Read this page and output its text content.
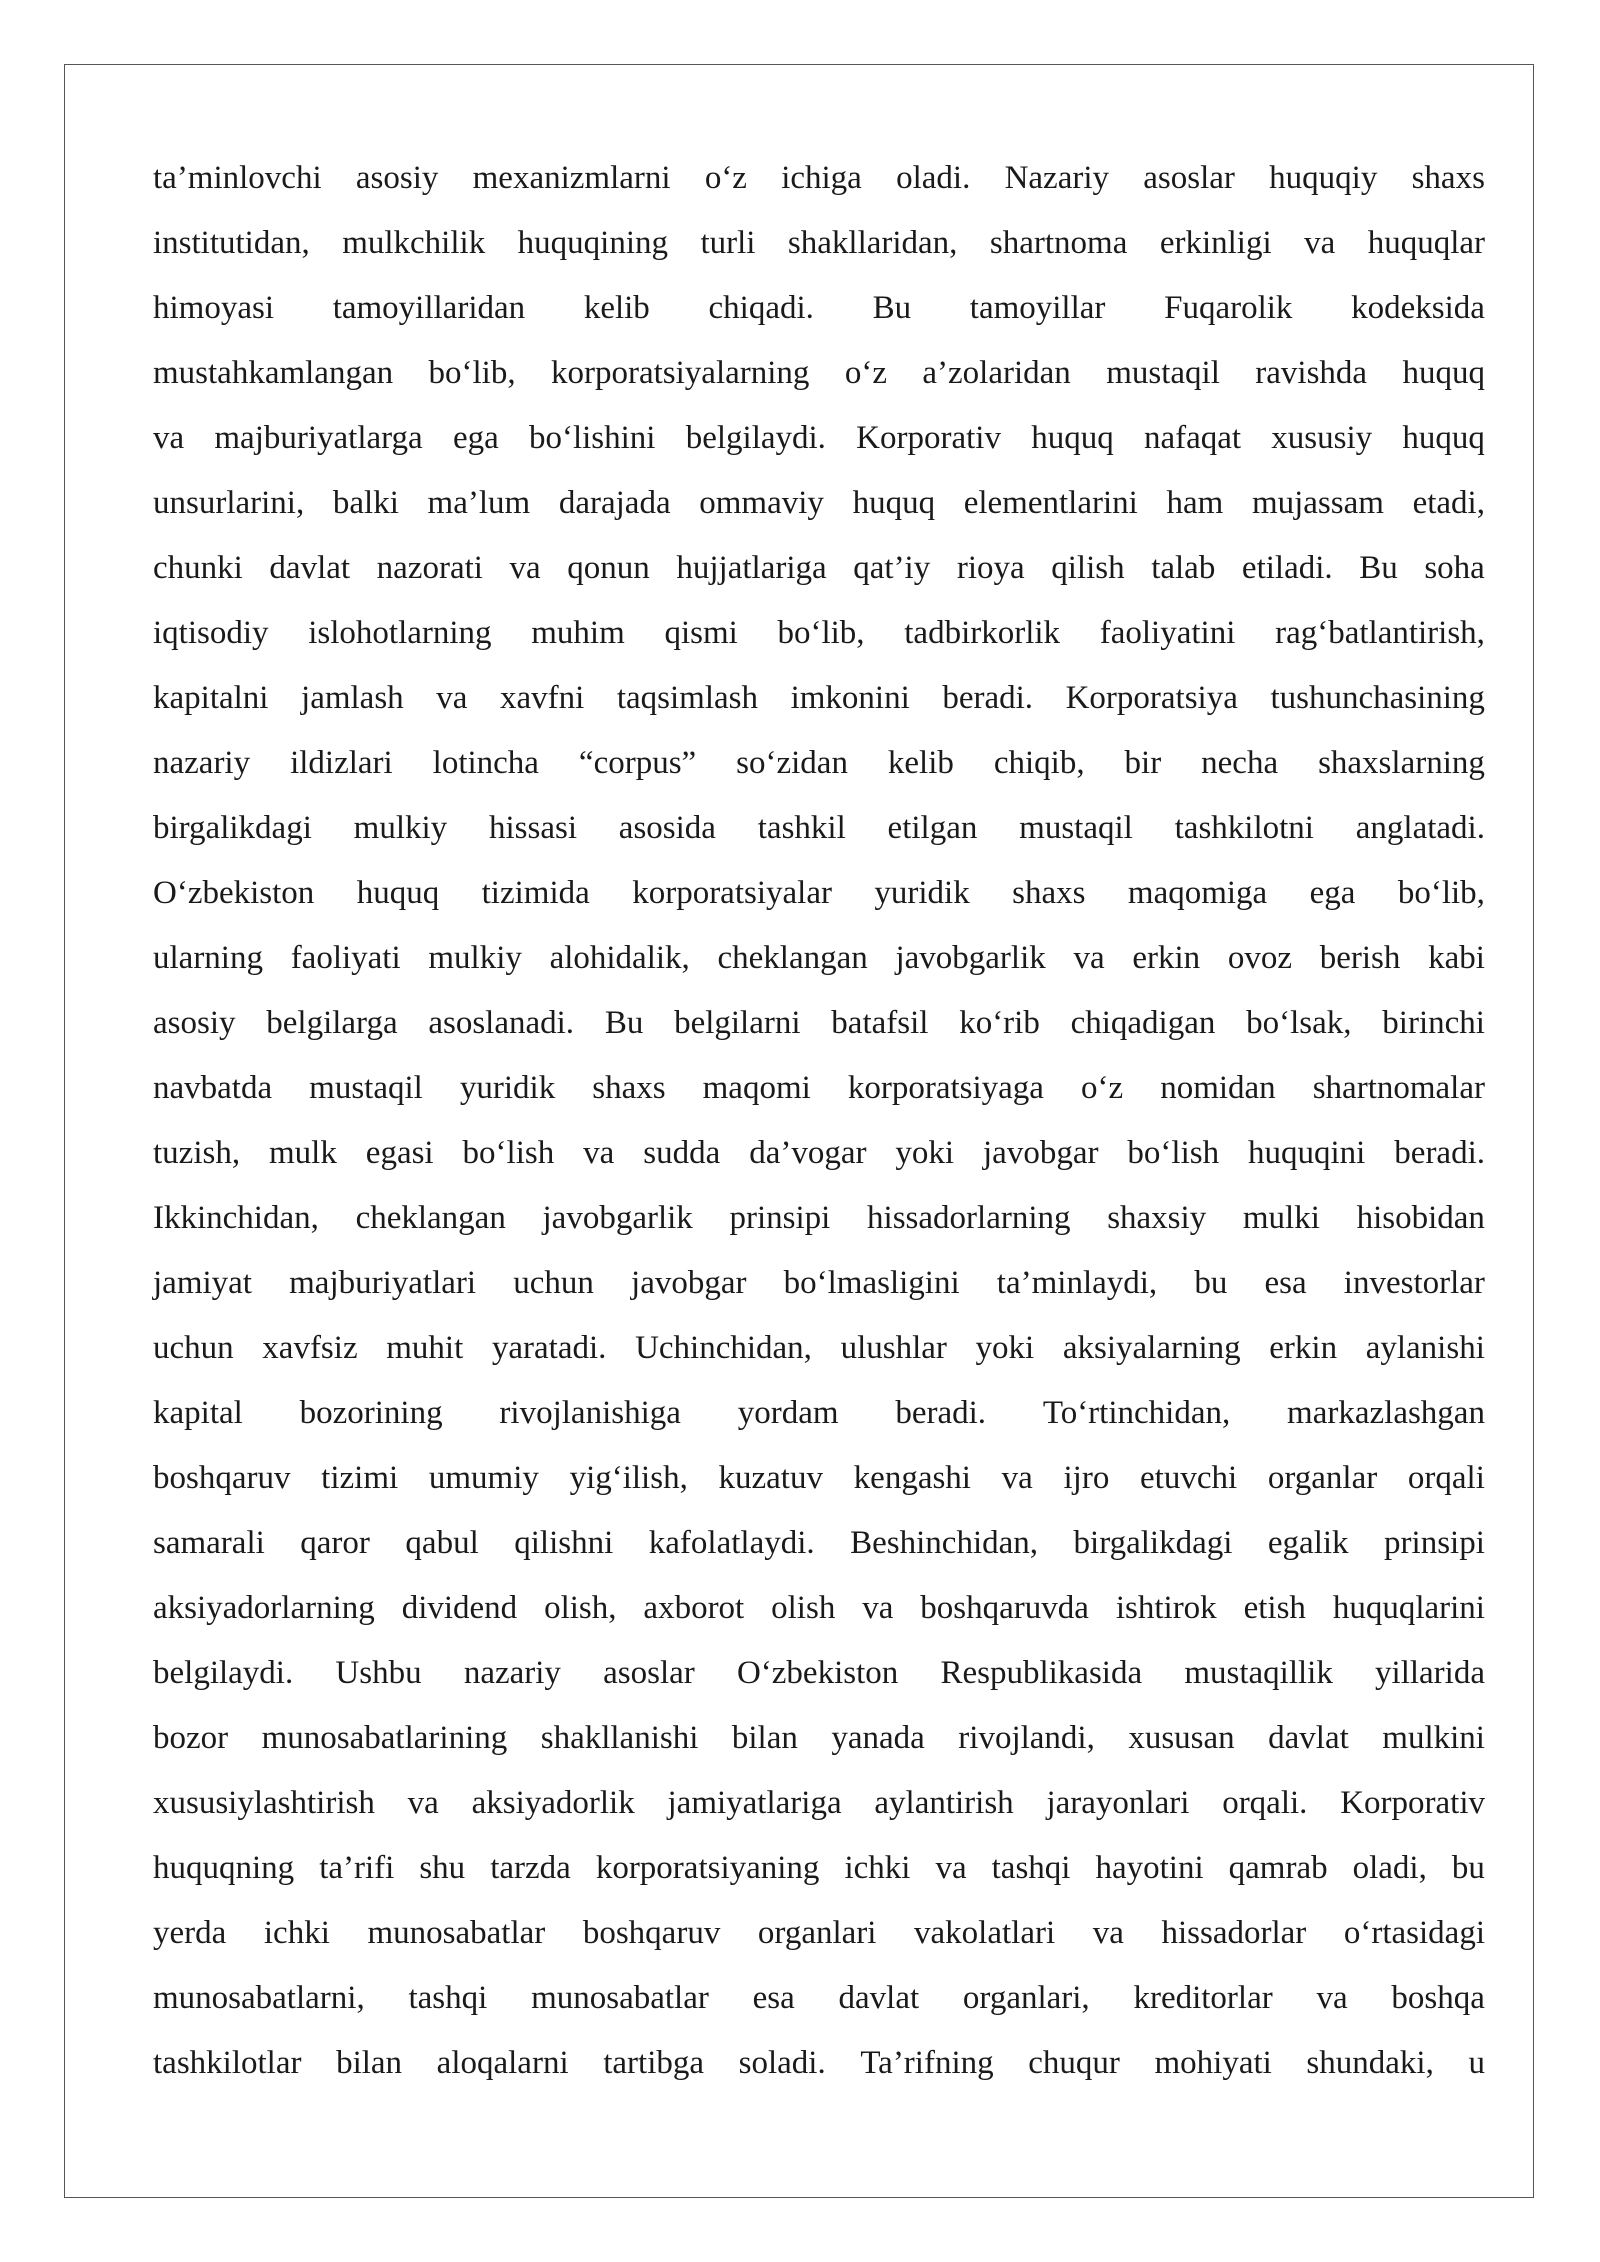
ta’minlovchi asosiy mexanizmlarni o‘z ichiga oladi. Nazariy asoslar huquqiy shaxs
institutidan, mulkchilik huquqining turli shakllaridan, shartnoma erkinligi va huquqlar
himoyasi tamoyillaridan kelib chiqadi. Bu tamoyillar Fuqarolik kodeksida
mustahkamlangan bo‘lib, korporatsiyalarning o‘z a’zolaridan mustaqil ravishda huquq
va majburiyatlarga ega bo‘lishini belgilaydi. Korporativ huquq nafaqat xususiy huquq
unsurlarini, balki ma’lum darajada ommaviy huquq elementlarini ham mujassam etadi,
chunki davlat nazorati va qonun hujjatlariga qat’iy rioya qilish talab etiladi. Bu soha
iqtisodiy islohotlarning muhim qismi bo‘lib, tadbirkorlik faoliyatini rag‘batlantirish,
kapitalni jamlash va xavfni taqsimlash imkonini beradi. Korporatsiya tushunchasining
nazariy ildizlari lotincha “corpus” so‘zidan kelib chiqib, bir necha shaxslarning
birgalikdagi mulkiy hissasi asosida tashkil etilgan mustaqil tashkilotni anglatadi.
O‘zbekiston huquq tizimida korporatsiyalar yuridik shaxs maqomiga ega bo‘lib,
ularning faoliyati mulkiy alohidalik, cheklangan javobgarlik va erkin ovoz berish kabi
asosiy belgilarga asoslanadi. Bu belgilarni batafsil ko‘rib chiqadigan bo‘lsak, birinchi
navbatda mustaqil yuridik shaxs maqomi korporatsiyaga o‘z nomidan shartnomalar
tuzish, mulk egasi bo‘lish va sudda da’vogar yoki javobgar bo‘lish huquqini beradi.
Ikkinchidan, cheklangan javobgarlik prinsipi hissadorlarning shaxsiy mulki hisobidan
jamiyat majburiyatlari uchun javobgar bo‘lmasligini ta’minlaydi, bu esa investorlar
uchun xavfsiz muhit yaratadi. Uchinchidan, ulushlar yoki aksiyalarning erkin aylanishi
kapital bozorining rivojlanishiga yordam beradi. To‘rtinchidan, markazlashgan
boshqaruv tizimi umumiy yig‘ilish, kuzatuv kengashi va ijro etuvchi organlar orqali
samarali qaror qabul qilishni kafolatlaydi. Beshinchidan, birgalikdagi egalik prinsipi
aksiyadorlarning dividend olish, axborot olish va boshqaruvda ishtirok etish huquqlarini
belgilaydi. Ushbu nazariy asoslar O‘zbekiston Respublikasida mustaqillik yillarida
bozor munosabatlarining shakllanishi bilan yanada rivojlandi, xususan davlat mulkini
xususiylashtirish va aksiyadorlik jamiyatlariga aylantirish jarayonlari orqali. Korporativ
huquqning ta’rifi shu tarzda korporatsiyaning ichki va tashqi hayotini qamrab oladi, bu
yerda ichki munosabatlar boshqaruv organlari vakolatlari va hissadorlar o‘rtasidagi
munosabatlarni, tashqi munosabatlar esa davlat organlari, kreditorlar va boshqa
tashkilotlar bilan aloqalarni tartibga soladi. Ta’rifning chuqur mohiyati shundaki, u
